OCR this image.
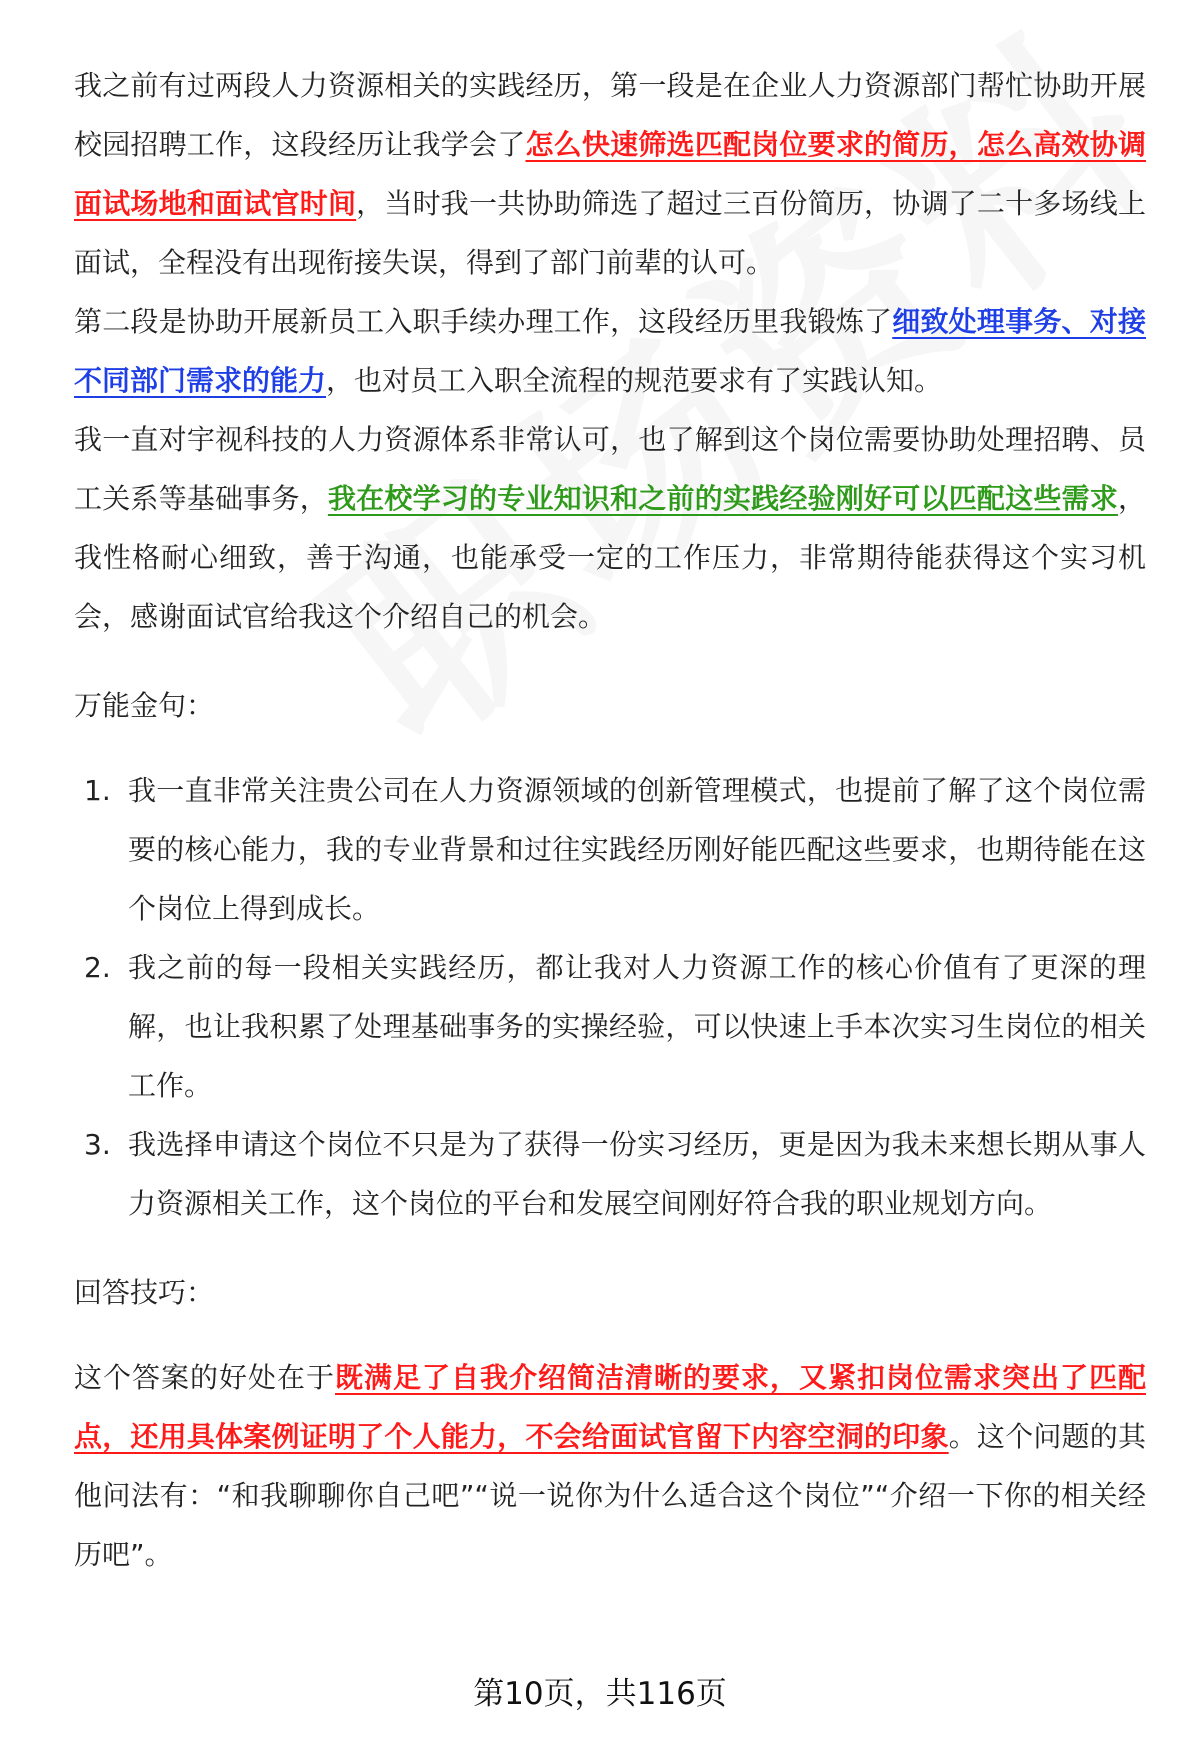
我之前有过两段人力资源相关的实践经历，第一段是在企业人力资源部门帮忙协助开展校园招聘工作，这段经历让我学会了怎么快速筛选匹配岗位要求的简历，怎么高效协调面试场地和面试官时间，当时我一共协助筛选了超过三百份简历，协调了二十多场线上面试，全程没有出现衔接失误，得到了部门前辈的认可。

第二段是协助开展新员工入职手续办理工作，这段经历里我锻炼了细致处理事务、对接不同部门需求的能力，也对员工入职全流程的规范要求有了实践认知。

我一直对宇视科技的人力资源体系非常认可，也了解到这个岗位需要协助处理招聘、员工关系等基础事务，我在校学习的专业知识和之前的实践经验刚好可以匹配这些需求，我性格耐心细致，善于沟通，也能承受一定的工作压力，非常期待能获得这个实习机会，感谢面试官给我这个介绍自己的机会。

万能金句：

1. 我一直非常关注贵公司在人力资源领域的创新管理模式，也提前了解了这个岗位需要的核心能力，我的专业背景和过往实践经历刚好能匹配这些要求，也期待能在这个岗位上得到成长。
2. 我之前的每一段相关实践经历，都让我对人力资源工作的核心价值有了更深的理解，也让我积累了处理基础事务的实操经验，可以快速上手本次实习生岗位的相关工作。
3. 我选择申请这个岗位不只是为了获得一份实习经历，更是因为我未来想长期从事人力资源相关工作，这个岗位的平台和发展空间刚好符合我的职业规划方向。

回答技巧：

这个答案的好处在于既满足了自我介绍简洁清晰的要求，又紧扣岗位需求突出了匹配点，还用具体案例证明了个人能力，不会给面试官留下内容空洞的印象。这个问题的其他问法有：“和我聊聊你自己吧”“说一说你为什么适合这个岗位”“介绍一下你的相关经历吧”。

第10页，共116页
